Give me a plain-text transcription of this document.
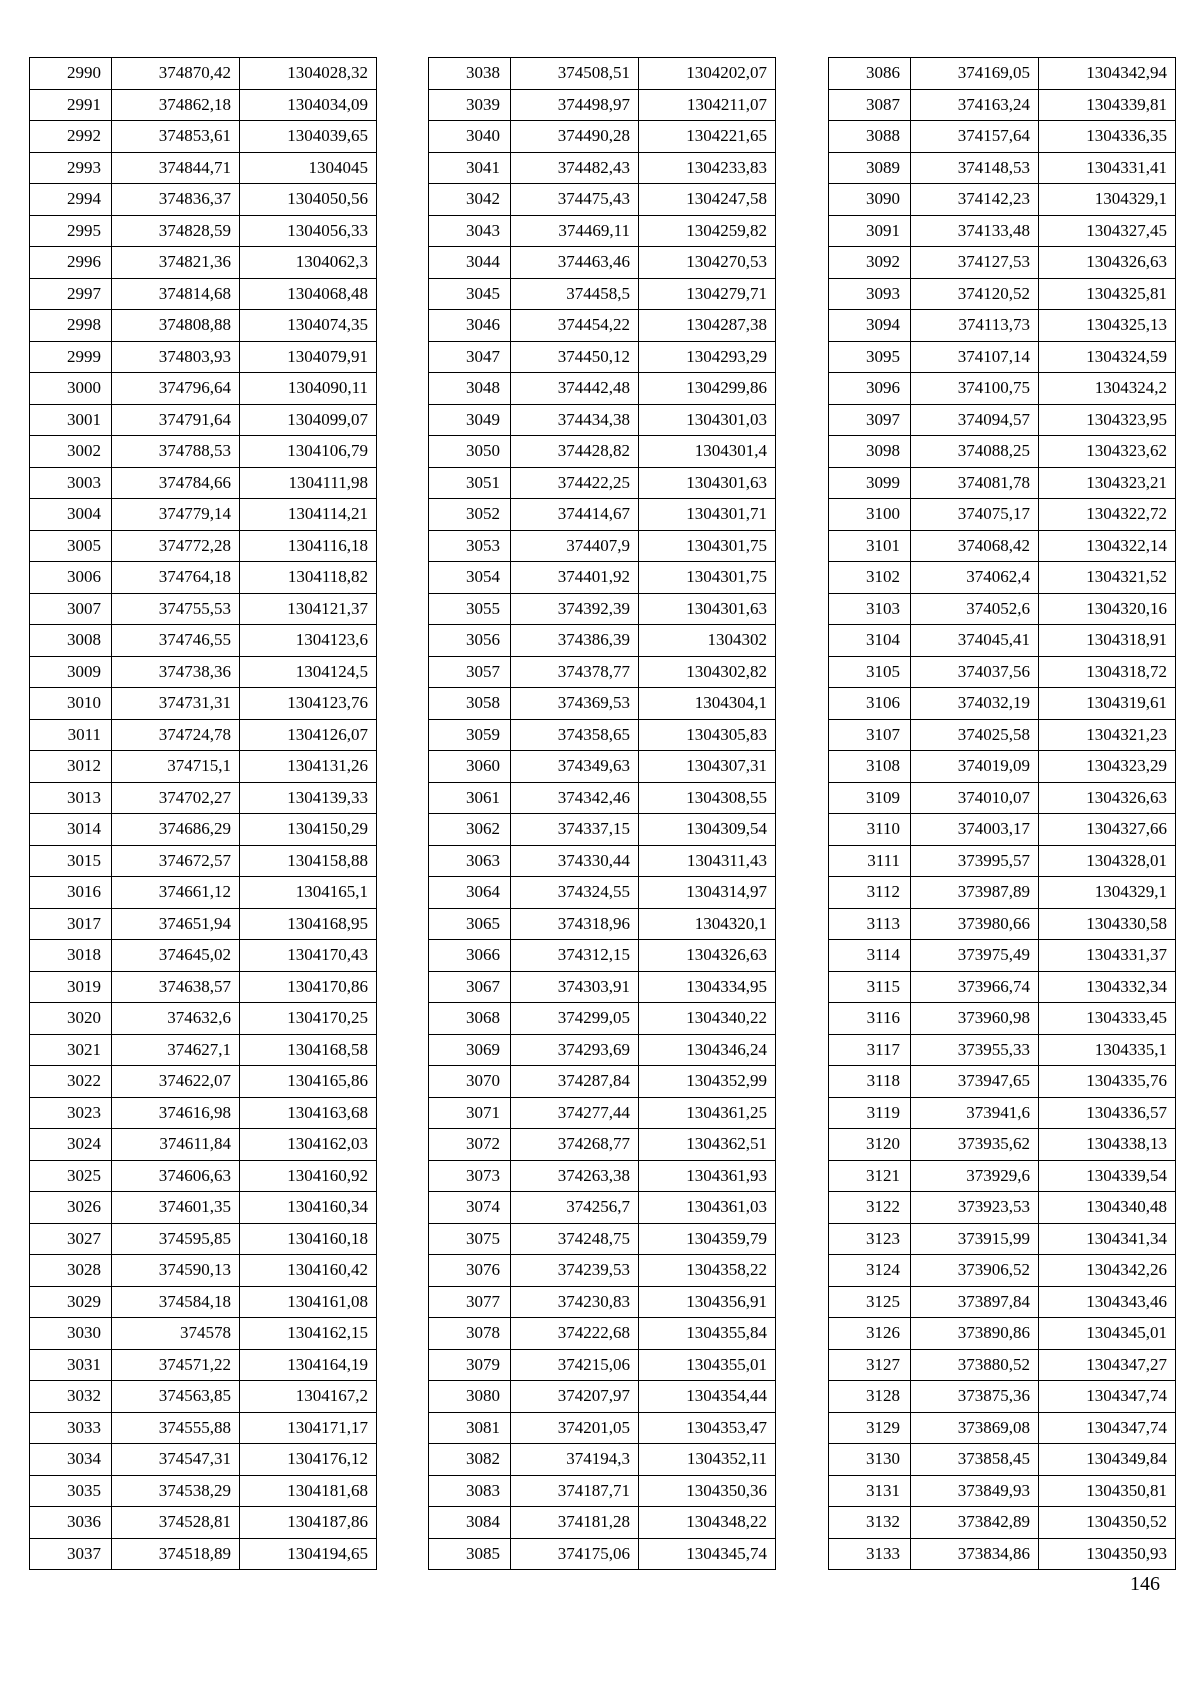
2990	374870,42	1304028,32
2991	374862,18	1304034,09
2992	374853,61	1304039,65
2993	374844,71	1304045
2994	374836,37	1304050,56
2995	374828,59	1304056,33
2996	374821,36	1304062,3
2997	374814,68	1304068,48
2998	374808,88	1304074,35
2999	374803,93	1304079,91
3000	374796,64	1304090,11
3001	374791,64	1304099,07
3002	374788,53	1304106,79
3003	374784,66	1304111,98
3004	374779,14	1304114,21
3005	374772,28	1304116,18
3006	374764,18	1304118,82
3007	374755,53	1304121,37
3008	374746,55	1304123,6
3009	374738,36	1304124,5
3010	374731,31	1304123,76
3011	374724,78	1304126,07
3012	374715,1	1304131,26
3013	374702,27	1304139,33
3014	374686,29	1304150,29
3015	374672,57	1304158,88
3016	374661,12	1304165,1
3017	374651,94	1304168,95
3018	374645,02	1304170,43
3019	374638,57	1304170,86
3020	374632,6	1304170,25
3021	374627,1	1304168,58
3022	374622,07	1304165,86
3023	374616,98	1304163,68
3024	374611,84	1304162,03
3025	374606,63	1304160,92
3026	374601,35	1304160,34
3027	374595,85	1304160,18
3028	374590,13	1304160,42
3029	374584,18	1304161,08
3030	374578	1304162,15
3031	374571,22	1304164,19
3032	374563,85	1304167,2
3033	374555,88	1304171,17
3034	374547,31	1304176,12
3035	374538,29	1304181,68
3036	374528,81	1304187,86
3037	374518,89	1304194,65
3038	374508,51	1304202,07
3039	374498,97	1304211,07
3040	374490,28	1304221,65
3041	374482,43	1304233,83
3042	374475,43	1304247,58
3043	374469,11	1304259,82
3044	374463,46	1304270,53
3045	374458,5	1304279,71
3046	374454,22	1304287,38
3047	374450,12	1304293,29
3048	374442,48	1304299,86
3049	374434,38	1304301,03
3050	374428,82	1304301,4
3051	374422,25	1304301,63
3052	374414,67	1304301,71
3053	374407,9	1304301,75
3054	374401,92	1304301,75
3055	374392,39	1304301,63
3056	374386,39	1304302
3057	374378,77	1304302,82
3058	374369,53	1304304,1
3059	374358,65	1304305,83
3060	374349,63	1304307,31
3061	374342,46	1304308,55
3062	374337,15	1304309,54
3063	374330,44	1304311,43
3064	374324,55	1304314,97
3065	374318,96	1304320,1
3066	374312,15	1304326,63
3067	374303,91	1304334,95
3068	374299,05	1304340,22
3069	374293,69	1304346,24
3070	374287,84	1304352,99
3071	374277,44	1304361,25
3072	374268,77	1304362,51
3073	374263,38	1304361,93
3074	374256,7	1304361,03
3075	374248,75	1304359,79
3076	374239,53	1304358,22
3077	374230,83	1304356,91
3078	374222,68	1304355,84
3079	374215,06	1304355,01
3080	374207,97	1304354,44
3081	374201,05	1304353,47
3082	374194,3	1304352,11
3083	374187,71	1304350,36
3084	374181,28	1304348,22
3085	374175,06	1304345,74
3086	374169,05	1304342,94
3087	374163,24	1304339,81
3088	374157,64	1304336,35
3089	374148,53	1304331,41
3090	374142,23	1304329,1
3091	374133,48	1304327,45
3092	374127,53	1304326,63
3093	374120,52	1304325,81
3094	374113,73	1304325,13
3095	374107,14	1304324,59
3096	374100,75	1304324,2
3097	374094,57	1304323,95
3098	374088,25	1304323,62
3099	374081,78	1304323,21
3100	374075,17	1304322,72
3101	374068,42	1304322,14
3102	374062,4	1304321,52
3103	374052,6	1304320,16
3104	374045,41	1304318,91
3105	374037,56	1304318,72
3106	374032,19	1304319,61
3107	374025,58	1304321,23
3108	374019,09	1304323,29
3109	374010,07	1304326,63
3110	374003,17	1304327,66
3111	373995,57	1304328,01
3112	373987,89	1304329,1
3113	373980,66	1304330,58
3114	373975,49	1304331,37
3115	373966,74	1304332,34
3116	373960,98	1304333,45
3117	373955,33	1304335,1
3118	373947,65	1304335,76
3119	373941,6	1304336,57
3120	373935,62	1304338,13
3121	373929,6	1304339,54
3122	373923,53	1304340,48
3123	373915,99	1304341,34
3124	373906,52	1304342,26
3125	373897,84	1304343,46
3126	373890,86	1304345,01
3127	373880,52	1304347,27
3128	373875,36	1304347,74
3129	373869,08	1304347,74
3130	373858,45	1304349,84
3131	373849,93	1304350,81
3132	373842,89	1304350,52
3133	373834,86	1304350,93
146
